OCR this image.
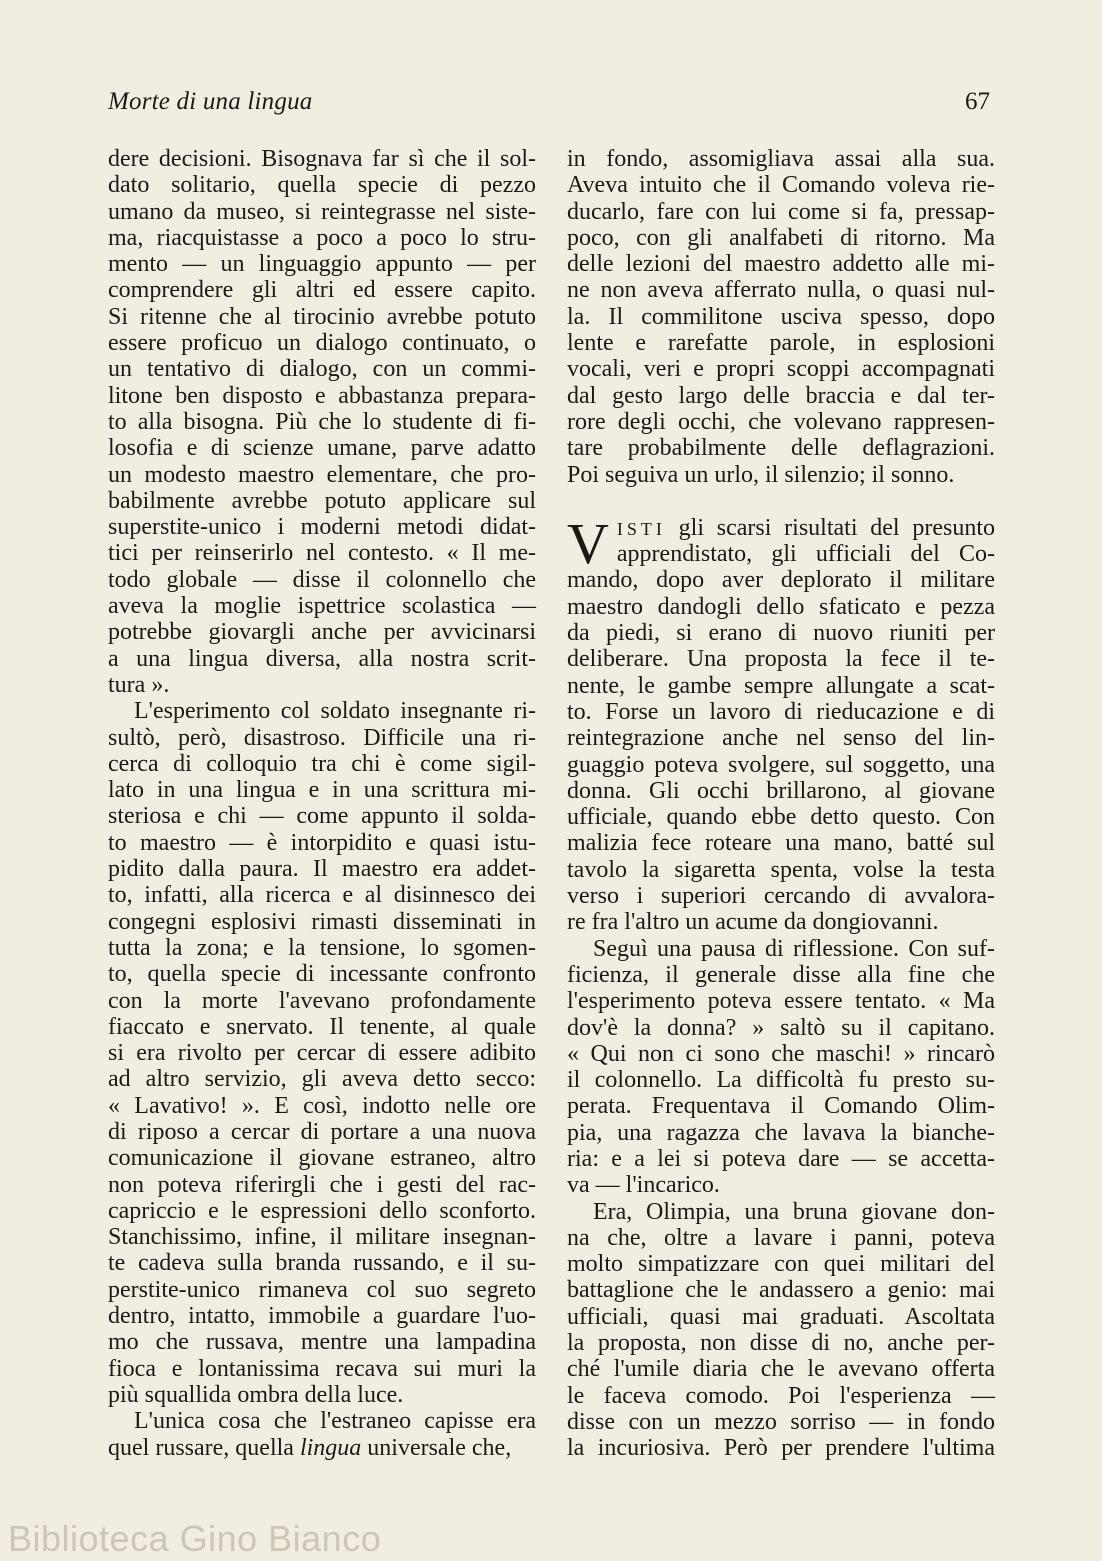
Morte di una lingua	67
dere decisioni. Bisognava far sì che il sol-
dato solitario, quella specie di pezzo
umano da museo, si reintegrasse nel siste-
ma, riacquistasse a poco a poco lo stru-
mento — un linguaggio appunto — per
comprendere gli altri ed essere capito.
Si ritenne che al tirocinio avrebbe potuto
essere proficuo un dialogo continuato, o
un tentativo di dialogo, con un commi-
litone ben disposto e abbastanza prepara-
to alla bisogna. Più che lo studente di fi-
losofia e di scienze umane, parve adatto
un modesto maestro elementare, che pro-
babilmente avrebbe potuto applicare sul
superstite-unico i moderni metodi didat-
tici per reinserirlo nel contesto. « Il me-
todo globale — disse il colonnello che
aveva la moglie ispettrice scolastica —
potrebbe giovargli anche per avvicinarsi
a una lingua diversa, alla nostra scrit-
tura ».
L'esperimento col soldato insegnante ri-
sultò, però, disastroso. Difficile una ri-
cerca di colloquio tra chi è come sigil-
lato in una lingua e in una scrittura mi-
steriosa e chi — come appunto il solda-
to maestro — è intorpidito e quasi istu-
pidito dalla paura. Il maestro era addet-
to, infatti, alla ricerca e al disinnesco dei
congegni esplosivi rimasti disseminati in
tutta la zona; e la tensione, lo sgomen-
to, quella specie di incessante confronto
con la morte l'avevano profondamente
fiaccato e snervato. Il tenente, al quale
si era rivolto per cercar di essere adibito
ad altro servizio, gli aveva detto secco:
« Lavativo! ». E così, indotto nelle ore
di riposo a cercar di portare a una nuova
comunicazione il giovane estraneo, altro
non poteva riferirgli che i gesti del rac-
capriccio e le espressioni dello sconforto.
Stanchissimo, infine, il militare insegnan-
te cadeva sulla branda russando, e il su-
perstite-unico rimaneva col suo segreto
dentro, intatto, immobile a guardare l'uo-
mo che russava, mentre una lampadina
fioca e lontanissima recava sui muri la
più squallida ombra della luce.
L'unica cosa che l'estraneo capisse era
quel russare, quella lingua universale che,
in fondo, assomigliava assai alla sua.
Aveva intuito che il Comando voleva rie-
ducarlo, fare con lui come si fa, pressap-
poco, con gli analfabeti di ritorno. Ma
delle lezioni del maestro addetto alle mi-
ne non aveva afferrato nulla, o quasi nul-
la. Il commilitone usciva spesso, dopo
lente e rarefatte parole, in esplosioni
vocali, veri e propri scoppi accompagnati
dal gesto largo delle braccia e dal ter-
rore degli occhi, che volevano rappresen-
tare probabilmente delle deflagrazioni.
Poi seguiva un urlo, il silenzio; il sonno.
V ISTI gli scarsi risultati del presunto
apprendistato, gli ufficiali del Co-
mando, dopo aver deplorato il militare
maestro dandogli dello sfaticato e pezza
da piedi, si erano di nuovo riuniti per
deliberare. Una proposta la fece il te-
nente, le gambe sempre allungate a scat-
to. Forse un lavoro di rieducazione e di
reintegrazione anche nel senso del lin-
guaggio poteva svolgere, sul soggetto, una
donna. Gli occhi brillarono, al giovane
ufficiale, quando ebbe detto questo. Con
malizia fece roteare una mano, batté sul
tavolo la sigaretta spenta, volse la testa
verso i superiori cercando di avvalora-
re fra l'altro un acume da dongiovanni.
Seguì una pausa di riflessione. Con suf-
ficienza, il generale disse alla fine che
l'esperimento poteva essere tentato. « Ma
dov'è la donna? » saltò su il capitano.
« Qui non ci sono che maschi! » rincarò
il colonnello. La difficoltà fu presto su-
perata. Frequentava il Comando Olim-
pia, una ragazza che lavava la bianche-
ria: e a lei si poteva dare — se accetta-
va — l'incarico.
Era, Olimpia, una bruna giovane don-
na che, oltre a lavare i panni, poteva
molto simpatizzare con quei militari del
battaglione che le andassero a genio: mai
ufficiali, quasi mai graduati. Ascoltata
la proposta, non disse di no, anche per-
ché l'umile diaria che le avevano offerta
le faceva comodo. Poi l'esperienza —
disse con un mezzo sorriso — in fondo
la incuriosiva. Però per prendere l'ultima
Biblioteca Gino Bianco
